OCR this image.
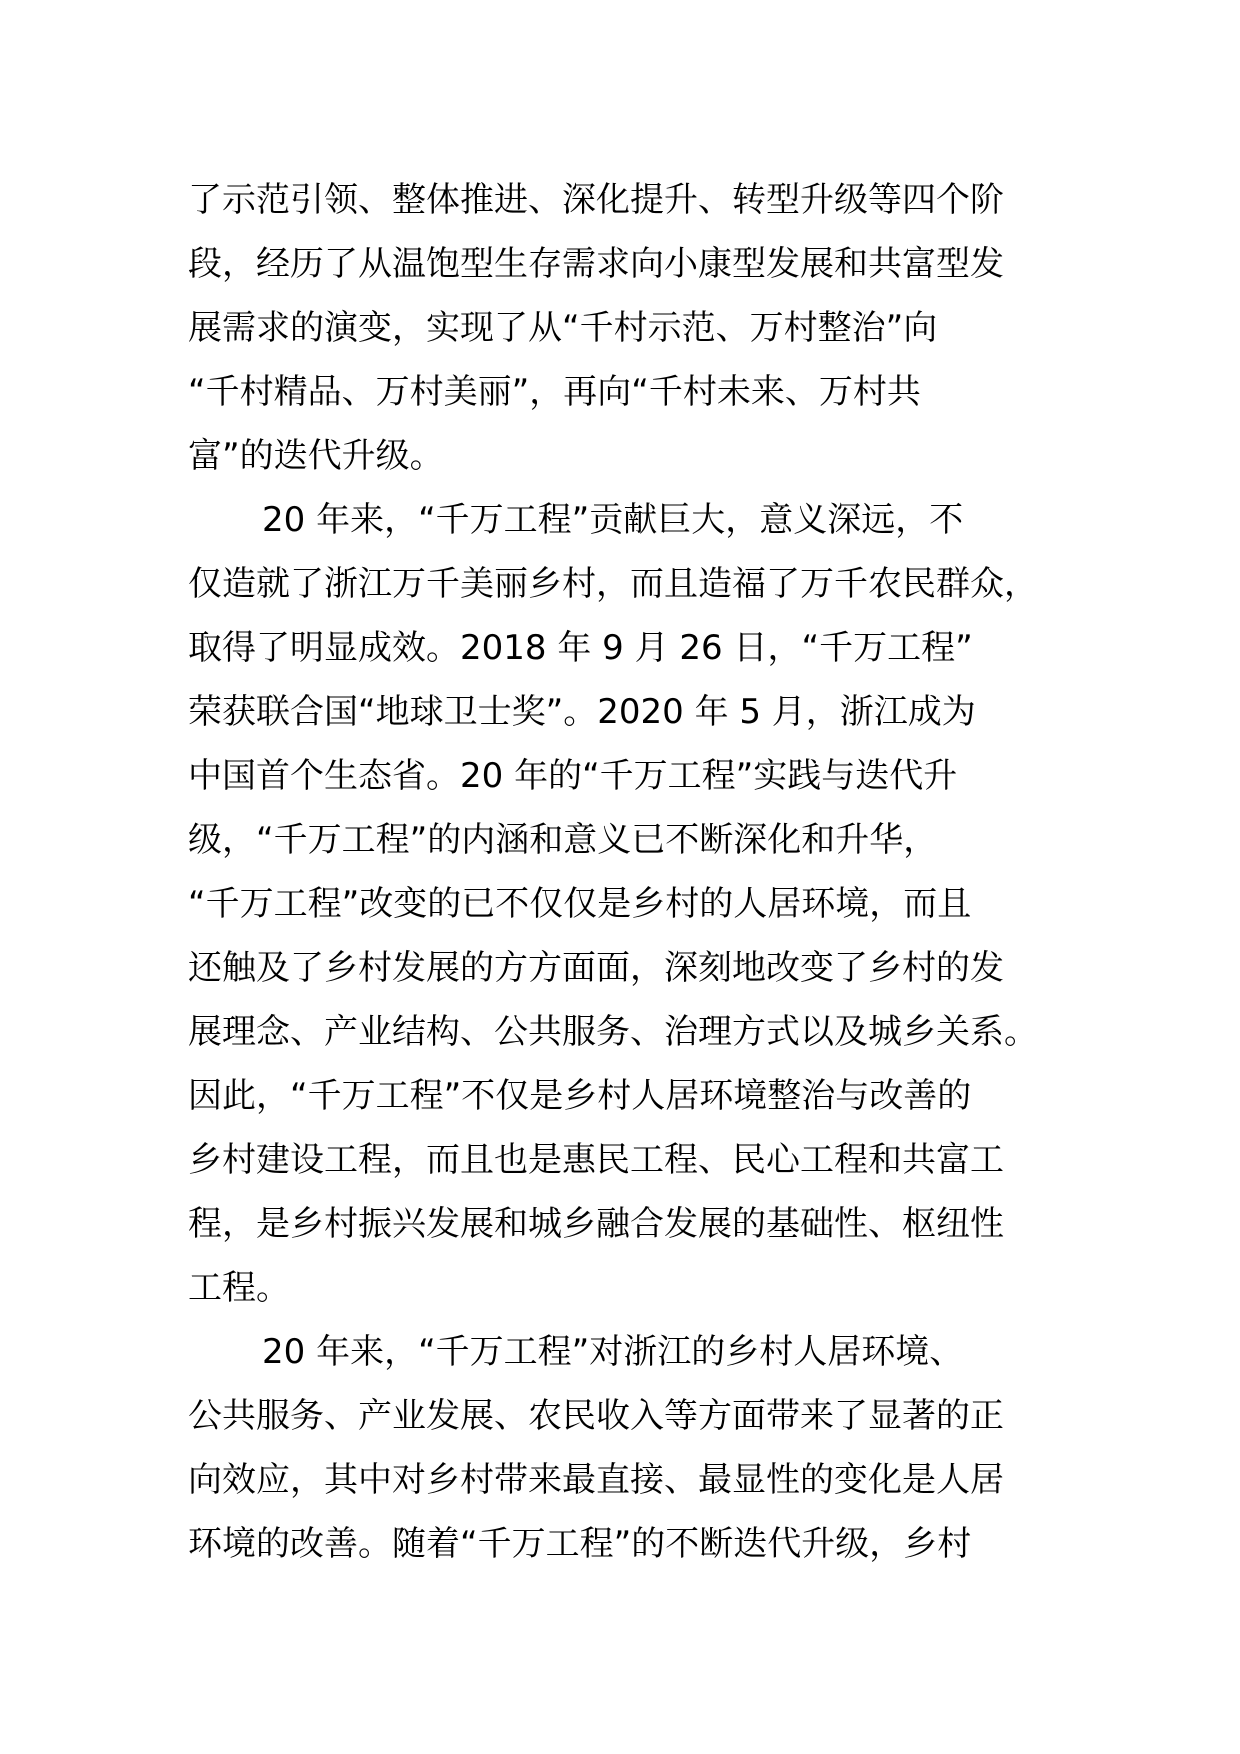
了示范引领、整体推进、深化提升、转型升级等四个阶
段，经历了从温饱型生存需求向小康型发展和共富型发
展需求的演变，实现了从“千村示范、万村整治”向
“千村精品、万村美丽”，再向“千村未来、万村共
富”的迭代升级。
20 年来，“千万工程”贡献巨大，意义深远，不
仅造就了浙江万千美丽乡村，而且造福了万千农民群众，
取得了明显成效。2018 年 9 月 26 日，“千万工程”
荣获联合国“地球卫士奖”。2020 年 5 月，浙江成为
中国首个生态省。20 年的“千万工程”实践与迭代升
级，“千万工程”的内涵和意义已不断深化和升华，
“千万工程”改变的已不仅仅是乡村的人居环境，而且
还触及了乡村发展的方方面面，深刻地改变了乡村的发
展理念、产业结构、公共服务、治理方式以及城乡关系。
因此，“千万工程”不仅是乡村人居环境整治与改善的
乡村建设工程，而且也是惠民工程、民心工程和共富工
程，是乡村振兴发展和城乡融合发展的基础性、枢纽性
工程。
20 年来，“千万工程”对浙江的乡村人居环境、
公共服务、产业发展、农民收入等方面带来了显著的正
向效应，其中对乡村带来最直接、最显性的变化是人居
环境的改善。随着“千万工程”的不断迭代升级，乡村
